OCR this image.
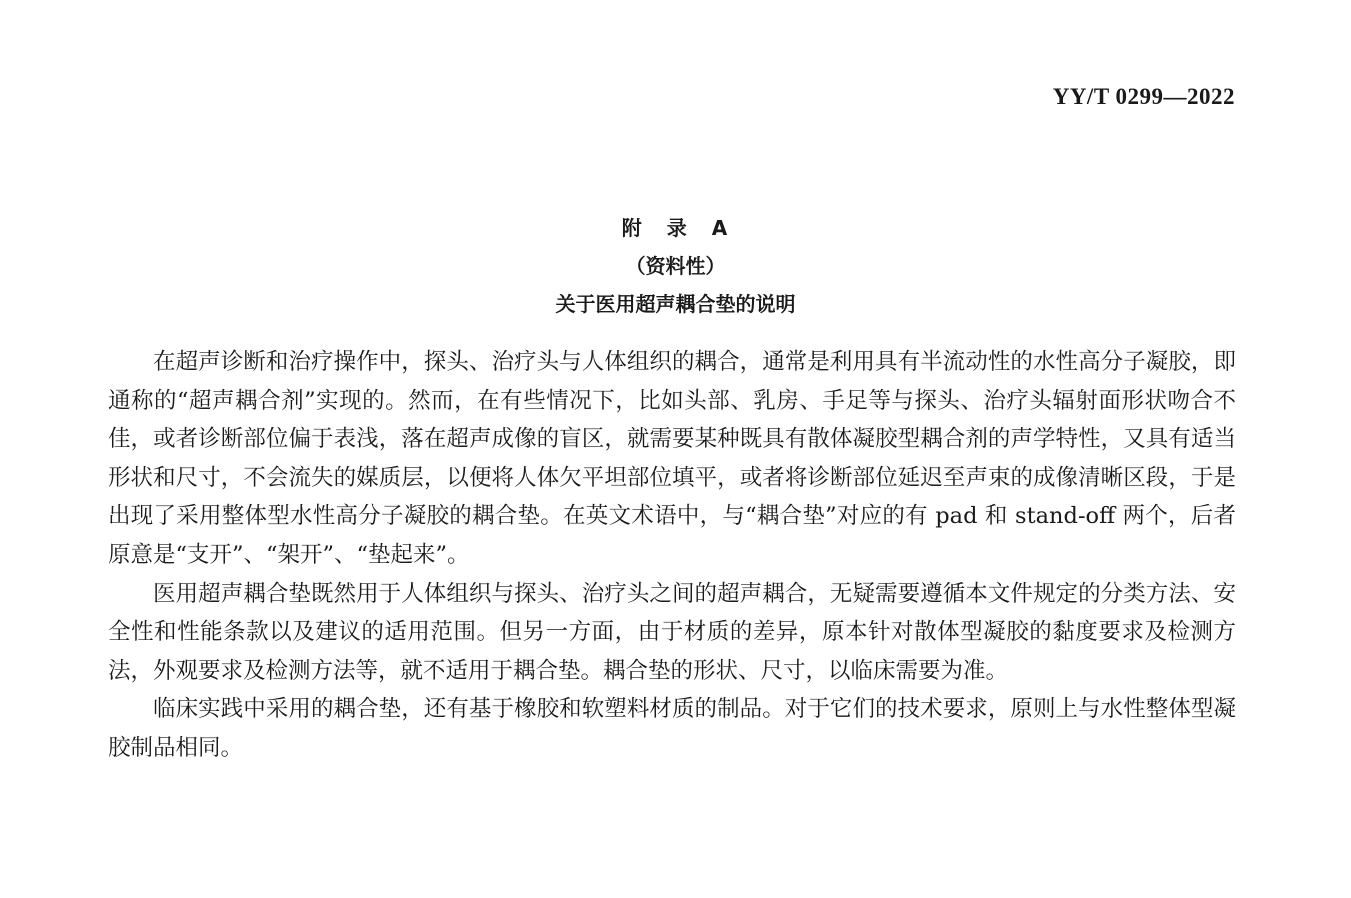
YY/T 0299—2022
附 录 A
（资料性）
关于医用超声耦合垫的说明

在超声诊断和治疗操作中，探头、治疗头与人体组织的耦合，通常是利用具有半流动性的水性高分子凝胶，即通称的“超声耦合剂”实现的。然而，在有些情况下，比如头部、乳房、手足等与探头、治疗头辐射面形状吻合不佳，或者诊断部位偏于表浅，落在超声成像的盲区，就需要某种既具有散体凝胶型耦合剂的声学特性，又具有适当形状和尺寸，不会流失的媒质层，以便将人体欠平坦部位填平，或者将诊断部位延迟至声束的成像清晰区段，于是出现了采用整体型水性高分子凝胶的耦合垫。在英文术语中，与“耦合垫”对应的有 pad 和 stand-off 两个，后者原意是“支开”、“架开”、“垫起来”。

医用超声耦合垫既然用于人体组织与探头、治疗头之间的超声耦合，无疑需要遵循本文件规定的分类方法、安全性和性能条款以及建议的适用范围。但另一方面，由于材质的差异，原本针对散体型凝胶的黏度要求及检测方法，外观要求及检测方法等，就不适用于耦合垫。耦合垫的形状、尺寸，以临床需要为准。

临床实践中采用的耦合垫，还有基于橡胶和软塑料材质的制品。对于它们的技术要求，原则上与水性整体型凝胶制品相同。
